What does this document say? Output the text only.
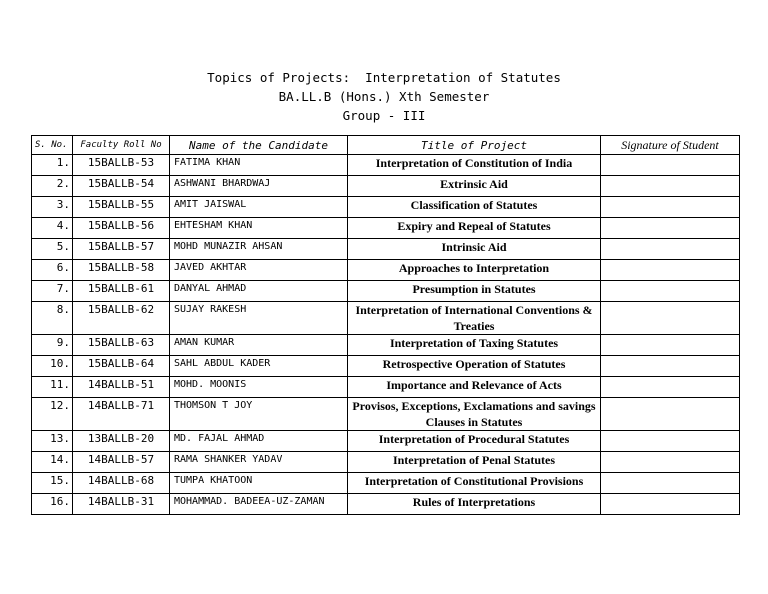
Topics of Projects:  Interpretation of Statutes
BA.LL.B (Hons.) Xth Semester
Group - III
S. No.	Faculty Roll No	Name of the Candidate	Title of Project	Signature of Student
1.	15BALLB-53	FATIMA KHAN	Interpretation of Constitution of India	
2.	15BALLB-54	ASHWANI BHARDWAJ	Extrinsic Aid	
3.	15BALLB-55	AMIT JAISWAL	Classification of Statutes	
4.	15BALLB-56	EHTESHAM KHAN	Expiry and Repeal of Statutes	
5.	15BALLB-57	MOHD MUNAZIR AHSAN	Intrinsic Aid	
6.	15BALLB-58	JAVED AKHTAR	Approaches to Interpretation	
7.	15BALLB-61	DANYAL AHMAD	Presumption in Statutes	
8.	15BALLB-62	SUJAY RAKESH	Interpretation of International Conventions & Treaties	
9.	15BALLB-63	AMAN KUMAR	Interpretation of Taxing Statutes	
10.	15BALLB-64	SAHL ABDUL KADER	Retrospective Operation of Statutes	
11.	14BALLB-51	MOHD. MOONIS	Importance and Relevance of Acts	
12.	14BALLB-71	THOMSON T JOY	Provisos, Exceptions, Exclamations and savings Clauses in Statutes	
13.	13BALLB-20	MD. FAJAL AHMAD	Interpretation of Procedural Statutes	
14.	14BALLB-57	RAMA SHANKER YADAV	Interpretation of Penal Statutes	
15.	14BALLB-68	TUMPA KHATOON	Interpretation of Constitutional Provisions	
16.	14BALLB-31	MOHAMMAD. BADEEA-UZ-ZAMAN	Rules of Interpretations	
